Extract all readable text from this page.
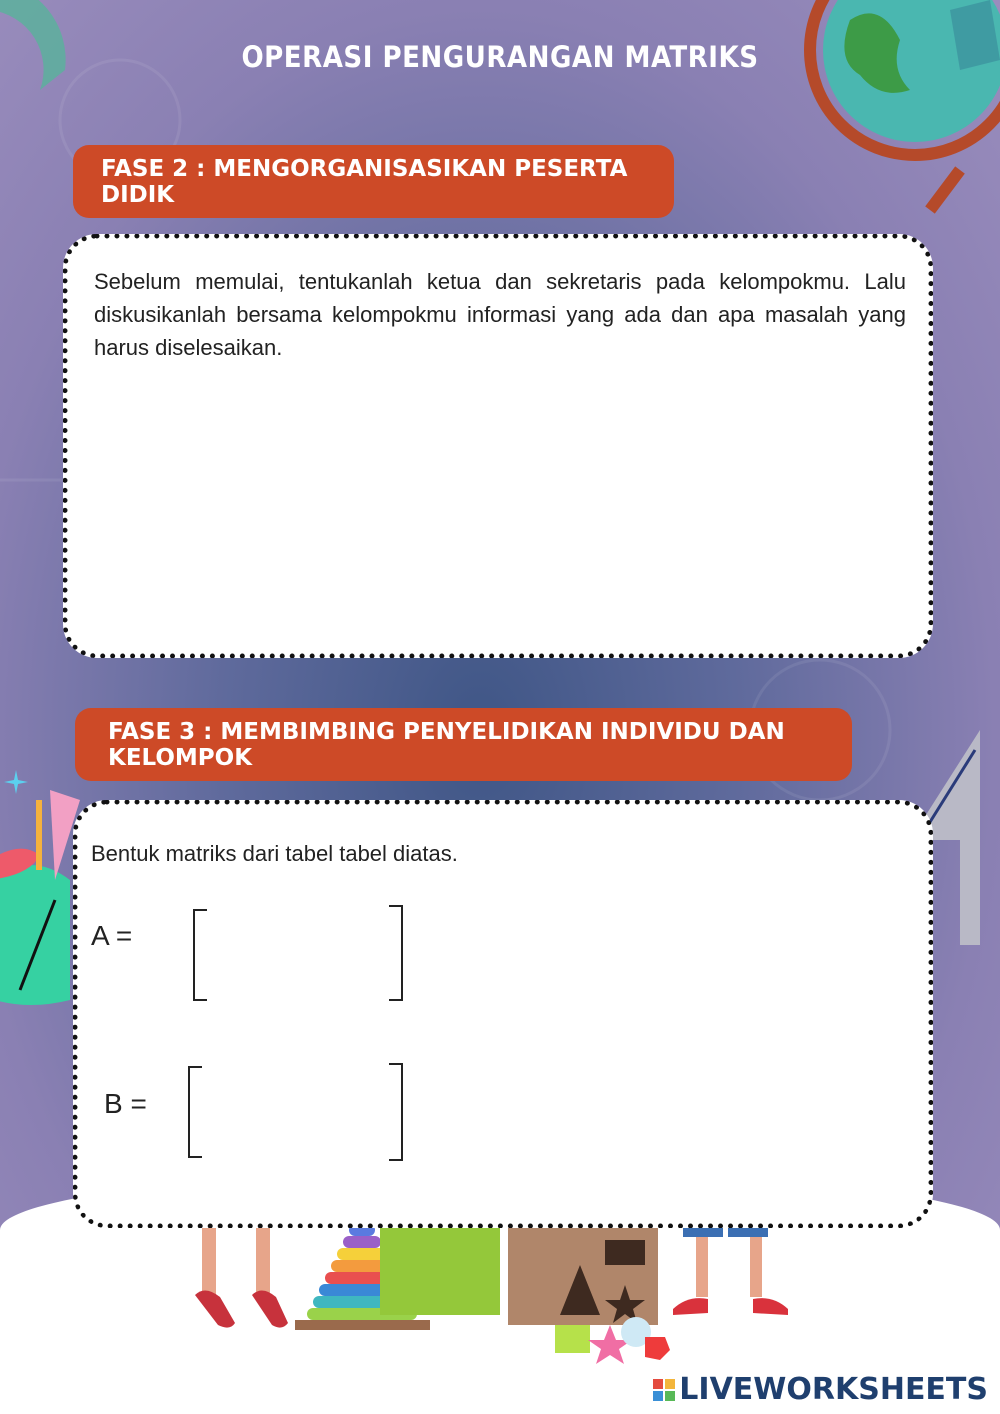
OPERASI PENGURANGAN MATRIKS
FASE 2 : MENGORGANISASIKAN PESERTA DIDIK
Sebelum memulai, tentukanlah ketua dan sekretaris pada kelompokmu. Lalu diskusikanlah bersama kelompokmu informasi yang ada dan apa masalah yang harus diselesaikan.
FASE 3 : MEMBIMBING PENYELIDIKAN INDIVIDU DAN KELOMPOK
Bentuk matriks dari tabel tabel diatas.
A =
B =
LIVEWORKSHEETS
